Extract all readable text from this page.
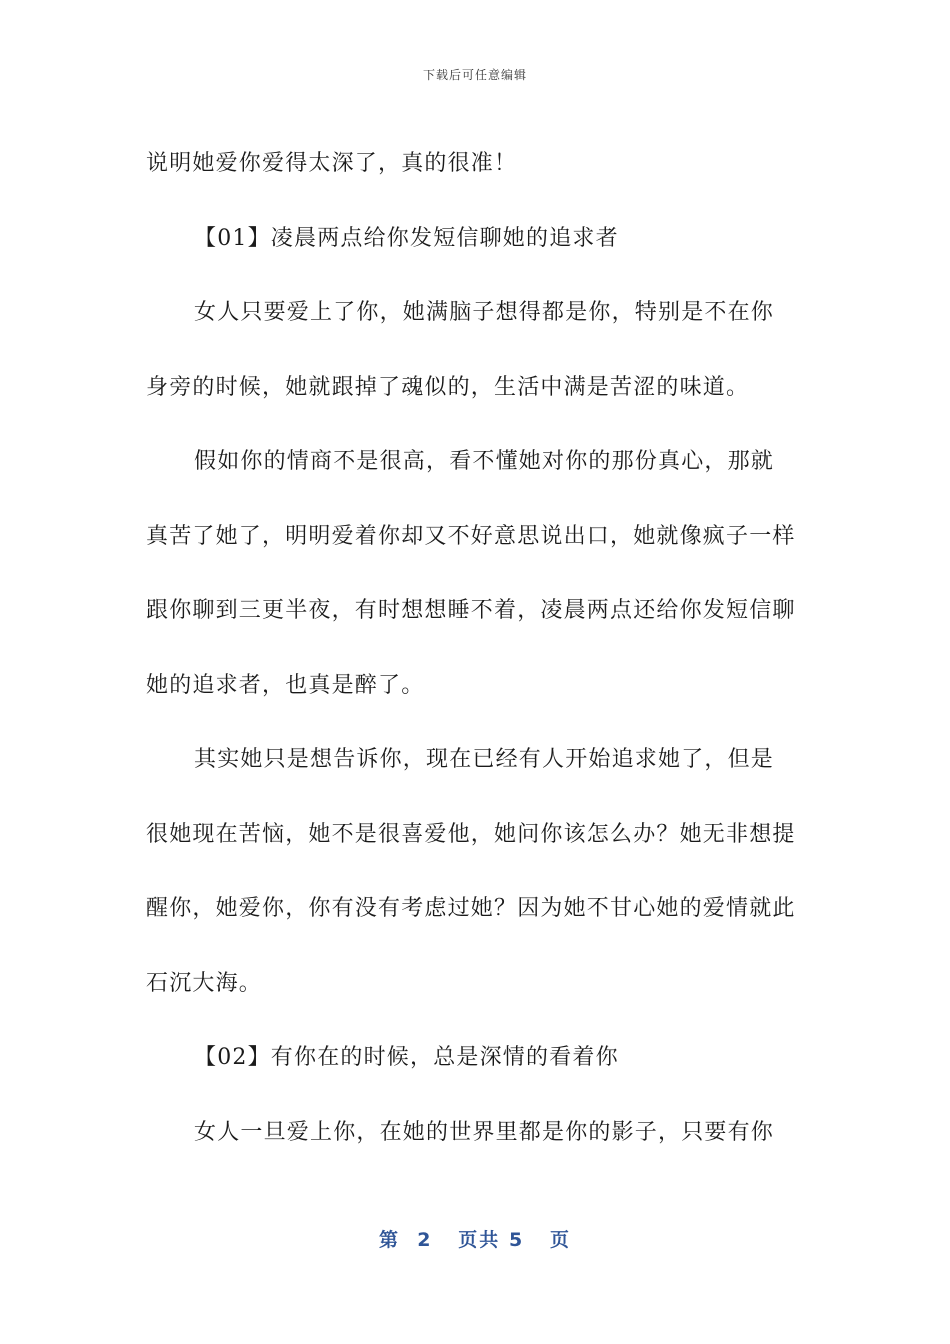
下载后可任意编辑

说明她爱你爱得太深了，真的很准！

【01】凌晨两点给你发短信聊她的追求者

女人只要爱上了你，她满脑子想得都是你，特别是不在你身旁的时候，她就跟掉了魂似的，生活中满是苦涩的味道。

假如你的情商不是很高，看不懂她对你的那份真心，那就真苦了她了，明明爱着你却又不好意思说出口，她就像疯子一样跟你聊到三更半夜，有时想想睡不着，凌晨两点还给你发短信聊她的追求者，也真是醉了。

其实她只是想告诉你，现在已经有人开始追求她了，但是很她现在苦恼，她不是很喜爱他，她问你该怎么办？她无非想提醒你，她爱你，你有没有考虑过她？因为她不甘心她的爱情就此石沉大海。

【02】有你在的时候，总是深情的看着你

女人一旦爱上你，在她的世界里都是你的影子，只要有你

第 2 页共 5 页
